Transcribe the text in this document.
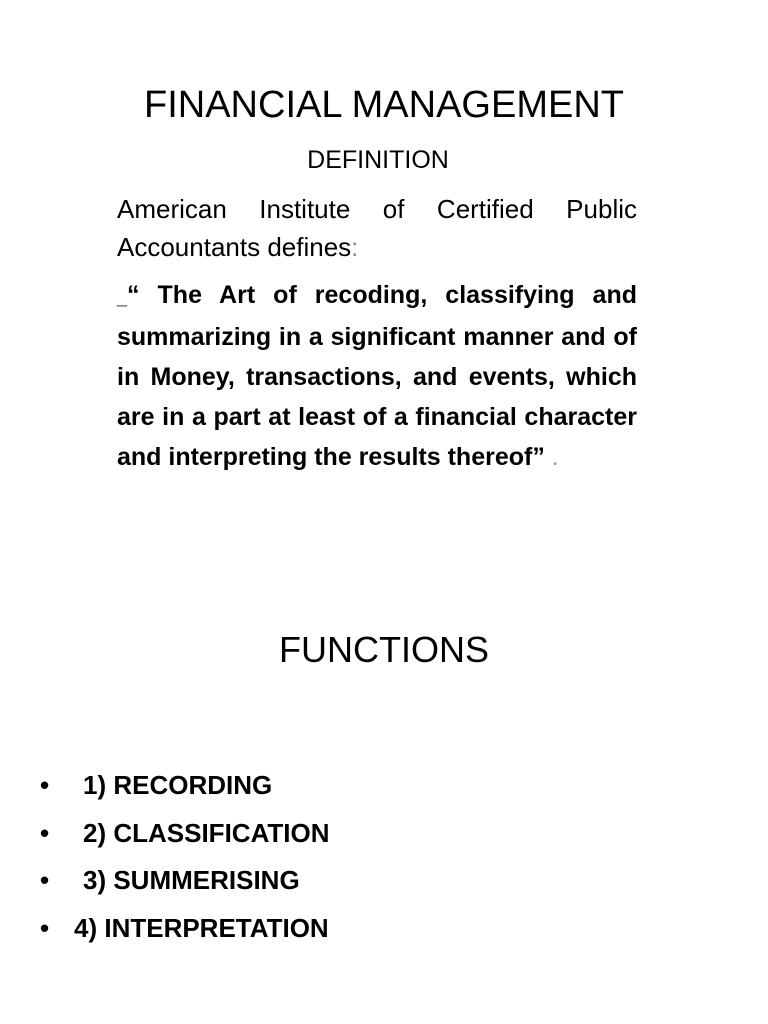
FINANCIAL MANAGEMENT
DEFINITION
American Institute of Certified Public Accountants defines:
_“ The Art of recoding, classifying and summarizing in a significant manner and of in Money, transactions, and events, which are in a part at least of a financial character and interpreting the results thereof” .
FUNCTIONS
• 1) RECORDING
• 2) CLASSIFICATION
• 3) SUMMERISING
• 4) INTERPRETATION
